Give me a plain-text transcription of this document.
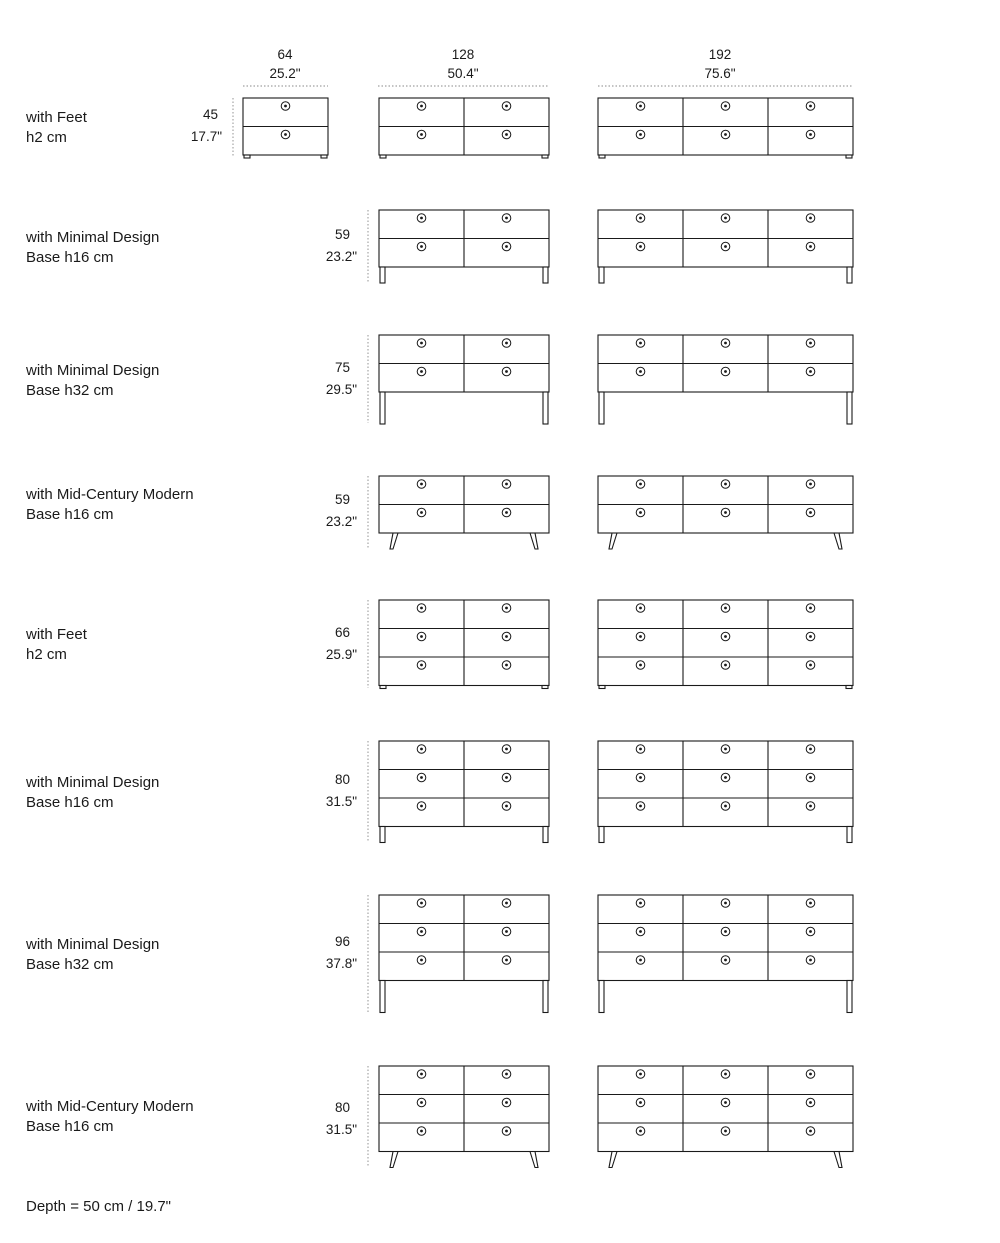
64
25.2"
128
50.4"
192
75.6"
with Feet
h2 cm
45
17.7"
with Minimal Design
Base h16 cm
59
23.2"
with Minimal Design
Base h32 cm
75
29.5"
with Mid-Century Modern
Base h16 cm
59
23.2"
with Feet
h2 cm
66
25.9"
with Minimal Design
Base h16 cm
80
31.5"
with Minimal Design
Base h32 cm
96
37.8"
with Mid-Century Modern
Base h16 cm
80
31.5"
Depth = 50 cm / 19.7"
